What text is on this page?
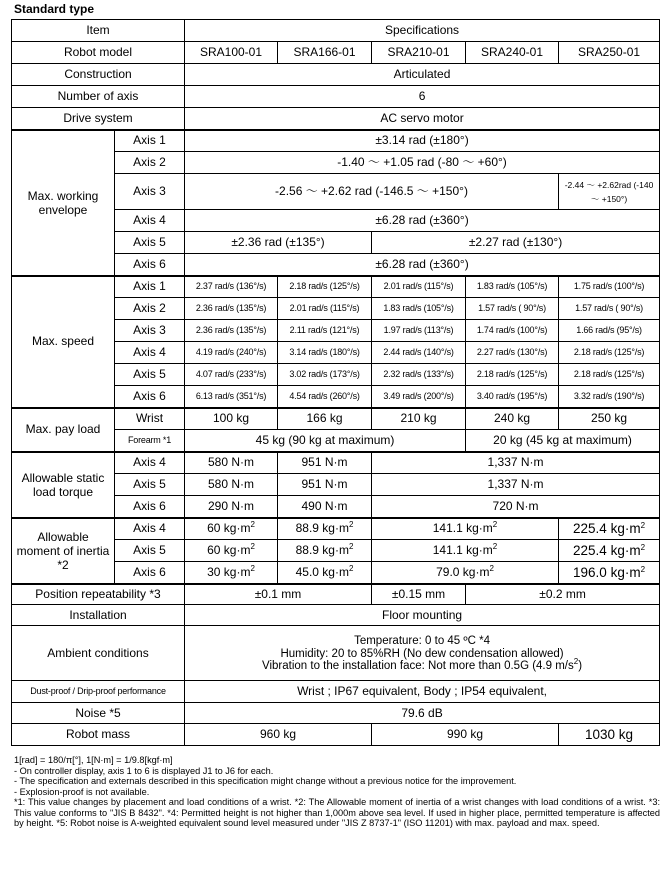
Standard type
Item		Specifications				
Robot model		SRA100-01	SRA166-01	SRA210-01	SRA240-01	SRA250-01
Construction		Articulated				
Number of axis		6				
Drive system		AC servo motor				
Max. working envelope	Axis 1	±3.14 rad (±180°)				
	Axis 2	-1.40 ～ +1.05 rad (-80 ～ +60°)				
	Axis 3	-2.56 ～ +2.62 rad (-146.5 ～ +150°)				-2.44 ～ +2.62rad (-140 ～ +150°)
	Axis 4	±6.28 rad (±360°)				
	Axis 5	±2.36 rad (±135°)		±2.27 rad (±130°)		
	Axis 6	±6.28 rad (±360°)				
Max. speed	Axis 1	2.37 rad/s (136°/s)	2.18 rad/s (125°/s)	2.01 rad/s (115°/s)	1.83 rad/s (105°/s)	1.75 rad/s (100°/s)
	Axis 2	2.36 rad/s (135°/s)	2.01 rad/s (115°/s)	1.83 rad/s (105°/s)	1.57 rad/s ( 90°/s)	1.57 rad/s ( 90°/s)
	Axis 3	2.36 rad/s (135°/s)	2.11 rad/s (121°/s)	1.97 rad/s (113°/s)	1.74 rad/s (100°/s)	1.66 rad/s (95°/s)
	Axis 4	4.19 rad/s (240°/s)	3.14 rad/s (180°/s)	2.44 rad/s (140°/s)	2.27 rad/s (130°/s)	2.18 rad/s (125°/s)
	Axis 5	4.07 rad/s (233°/s)	3.02 rad/s (173°/s)	2.32 rad/s (133°/s)	2.18 rad/s (125°/s)	2.18 rad/s (125°/s)
	Axis 6	6.13 rad/s (351°/s)	4.54 rad/s (260°/s)	3.49 rad/s (200°/s)	3.40 rad/s (195°/s)	3.32 rad/s (190°/s)
Max. pay load	Wrist	100 kg	166 kg	210 kg	240 kg	250 kg
	Forearm *1	45 kg (90 kg at maximum)			20 kg (45 kg at maximum)	
Allowable static load torque	Axis 4	580 N·m	951 N·m	1,337 N·m		
	Axis 5	580 N·m	951 N·m	1,337 N·m		
	Axis 6	290 N·m	490 N·m	720 N·m		
Allowable moment of inertia *2	Axis 4	60 $kg\cdot m^2$	88.9 $kg\cdot m^2$	141.1 $kg\cdot m^2$		225.4 $kg\cdot m^2$
	Axis 5	60 $kg\cdot m^2$	88.9 $kg\cdot m^2$	141.1 $kg\cdot m^2$		225.4 $kg\cdot m^2$
	Axis 6	30 $kg\cdot m^2$	45.0 $kg\cdot m^2$	79.0 $kg\cdot m^2$		196.0 $kg\cdot m^2$
Position repeatability *3		±0.1 mm		±0.15 mm	±0.2 mm	
Installation		Floor mounting				
Ambient conditions		Temperature: 0 to 45 ºC *4
Humidity: 20 to 85%RH (No dew condensation allowed)
Vibration to the installation face: Not more than 0.5G (4.9 $m/s^2$)				

Dust-proof / Drip-proof performance		Wrist ; IP67 equivalent, Body ; IP54 equivalent,				
Noise *5		79.6 dB				
Robot mass		960 kg		990 kg		1030 kg
1[rad] = 180/π[°], 1[N·m] = 1/9.8[kgf·m]
- On controller display, axis 1 to 6 is displayed J1 to J6 for each.
- The specification and externals described in this specification might change without a previous notice for the improvement.
- Explosion-proof is not available.
*1: This value changes by placement and load conditions of a wrist. *2: The Allowable moment of inertia of a wrist changes with load conditions of a wrist. *3: This value conforms to "JIS B 8432". *4: Permitted height is not higher than 1,000m above sea level. If used in higher place, permitted temperature is affected by height. *5: Robot noise is A-weighted equivalent sound level measured under "JIS Z 8737-1" (ISO 11201) with max. payload and max. speed.
